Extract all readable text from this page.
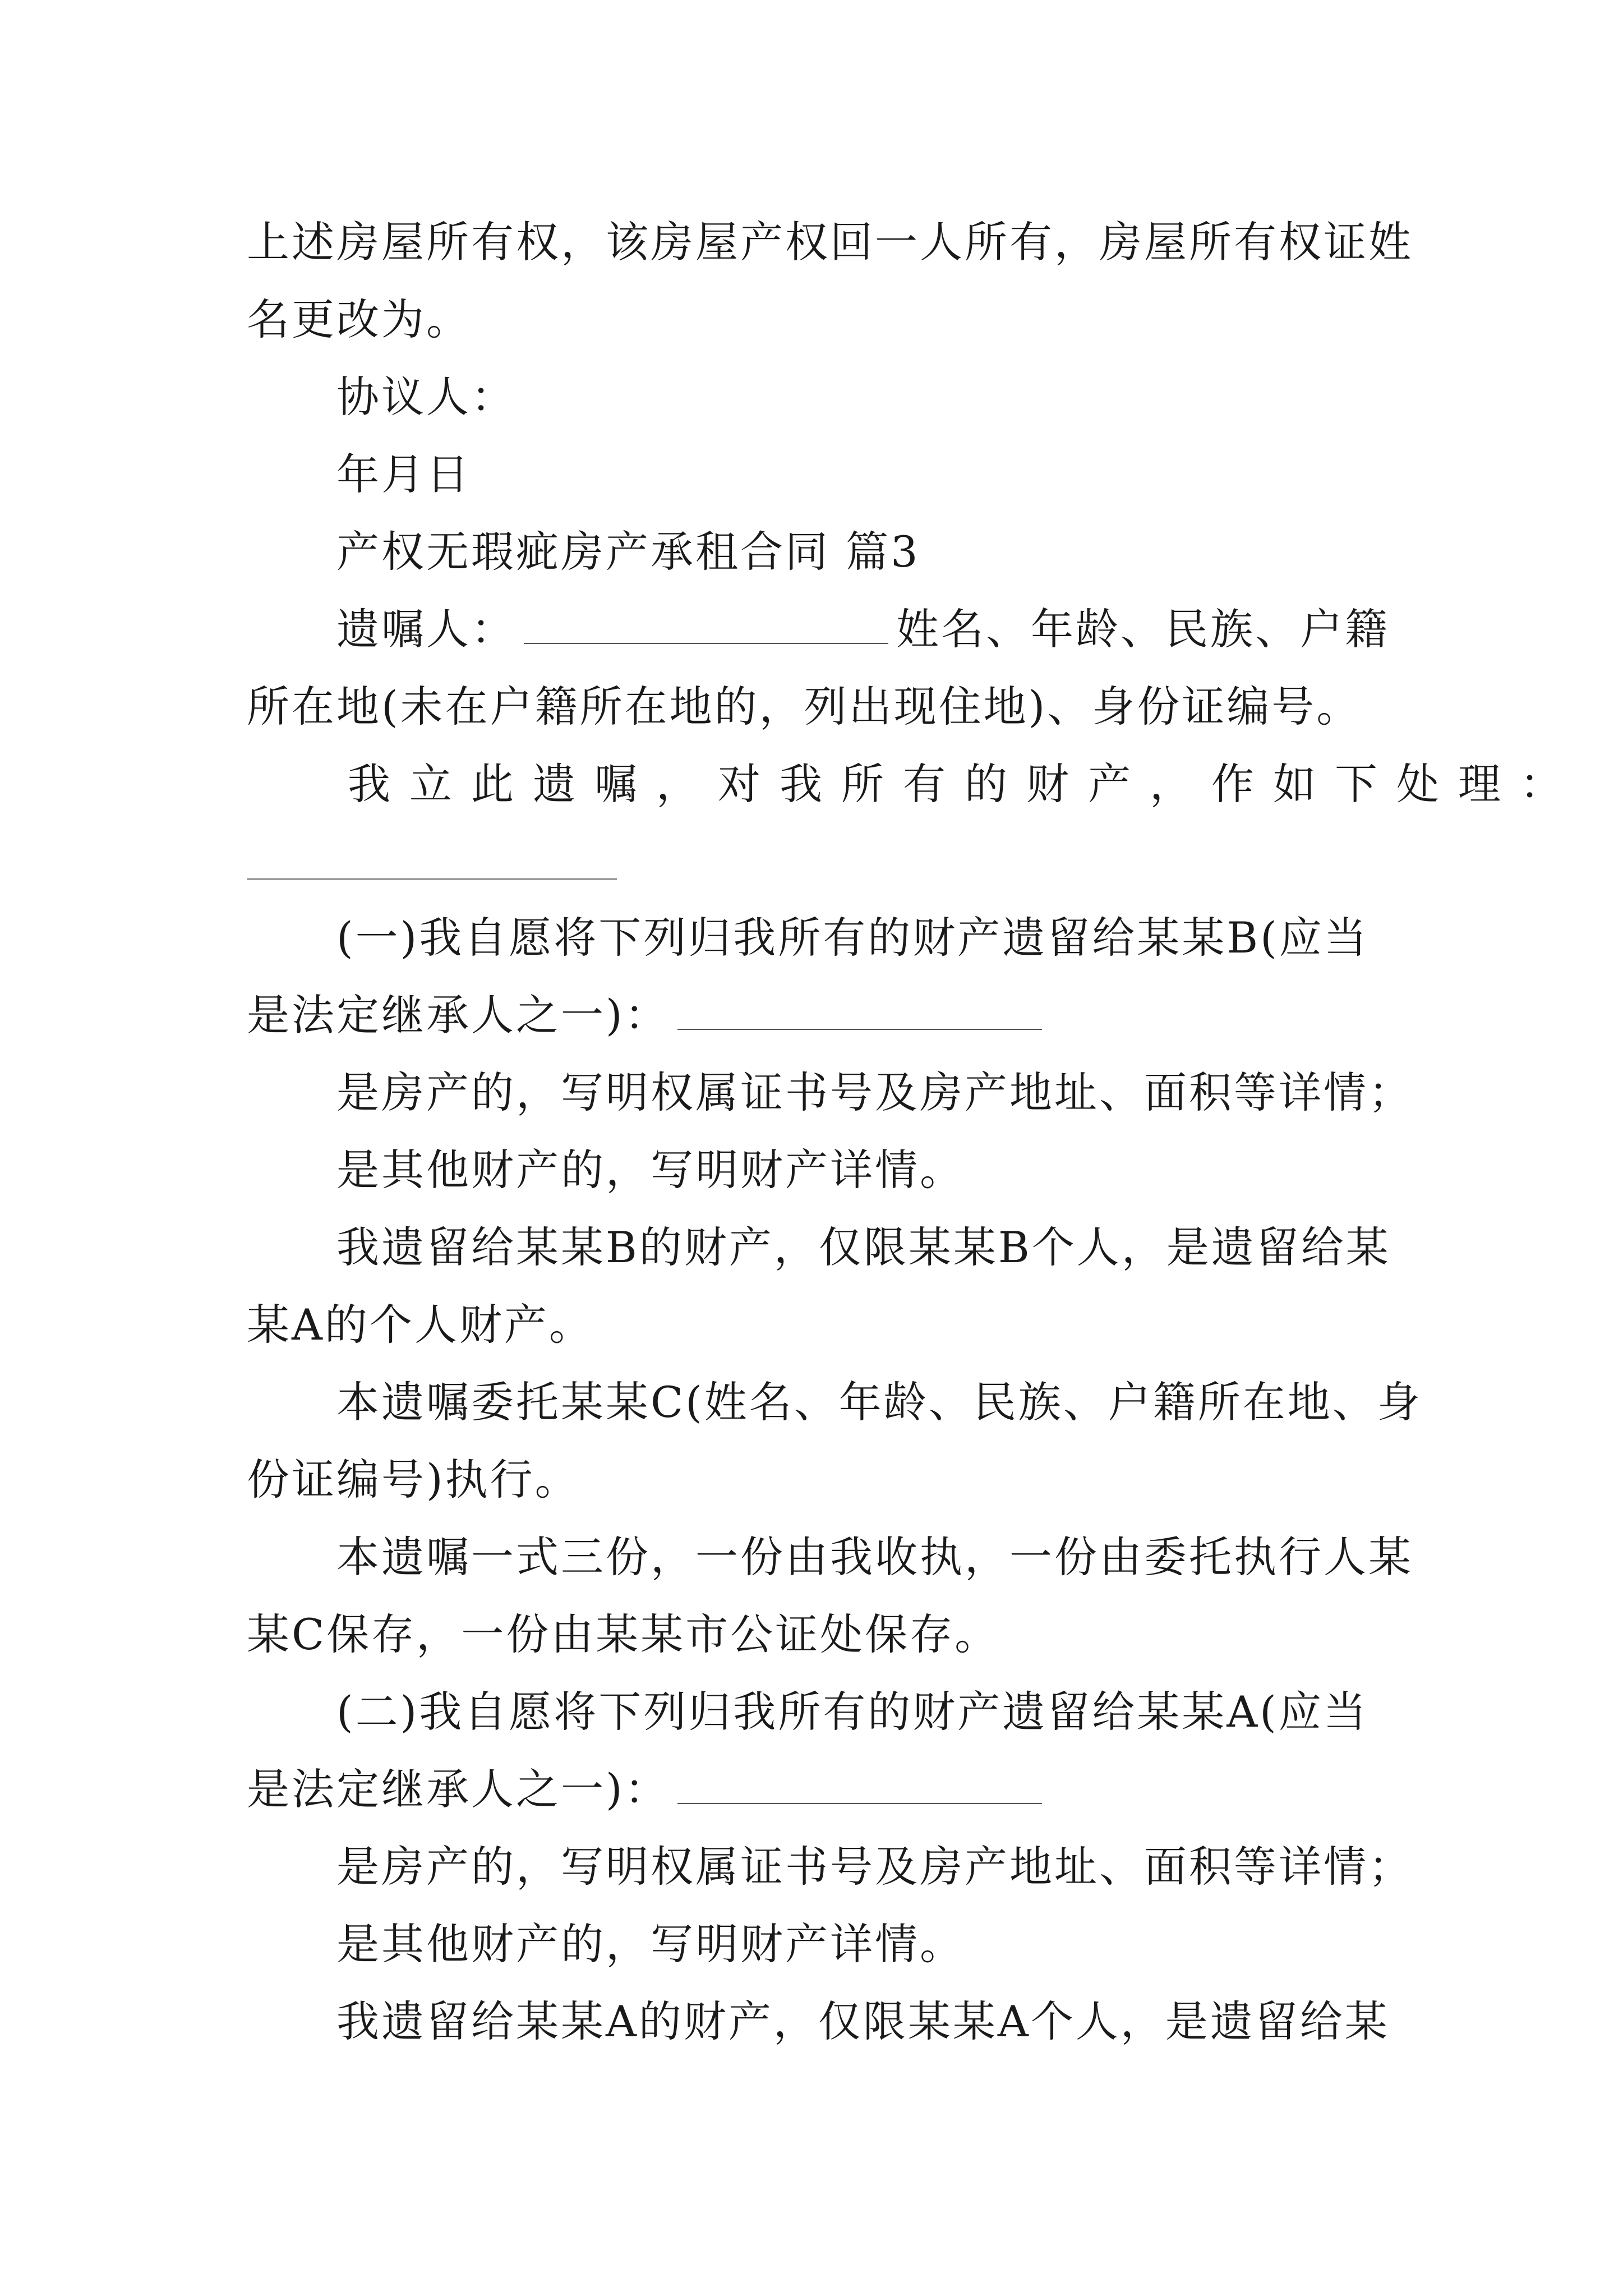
上述房屋所有权，该房屋产权回一人所有，房屋所有权证姓
名更改为。
协议人：
年月日
产权无瑕疵房产承租合同 篇3
遗嘱人：	姓名、年龄、民族、户籍
所在地(未在户籍所在地的，列出现住地)、身份证编号。
我立此遗嘱，对我所有的财产，作如下处理：
(一)我自愿将下列归我所有的财产遗留给某某B(应当
是法定继承人之一)：
是房产的，写明权属证书号及房产地址、面积等详情；
是其他财产的，写明财产详情。
我遗留给某某B的财产，仅限某某B个人，是遗留给某
某A的个人财产。
本遗嘱委托某某C(姓名、年龄、民族、户籍所在地、身
份证编号)执行。
本遗嘱一式三份，一份由我收执，一份由委托执行人某
某C保存，一份由某某市公证处保存。
(二)我自愿将下列归我所有的财产遗留给某某A(应当
是法定继承人之一)：
是房产的，写明权属证书号及房产地址、面积等详情；
是其他财产的，写明财产详情。
我遗留给某某A的财产，仅限某某A个人，是遗留给某
